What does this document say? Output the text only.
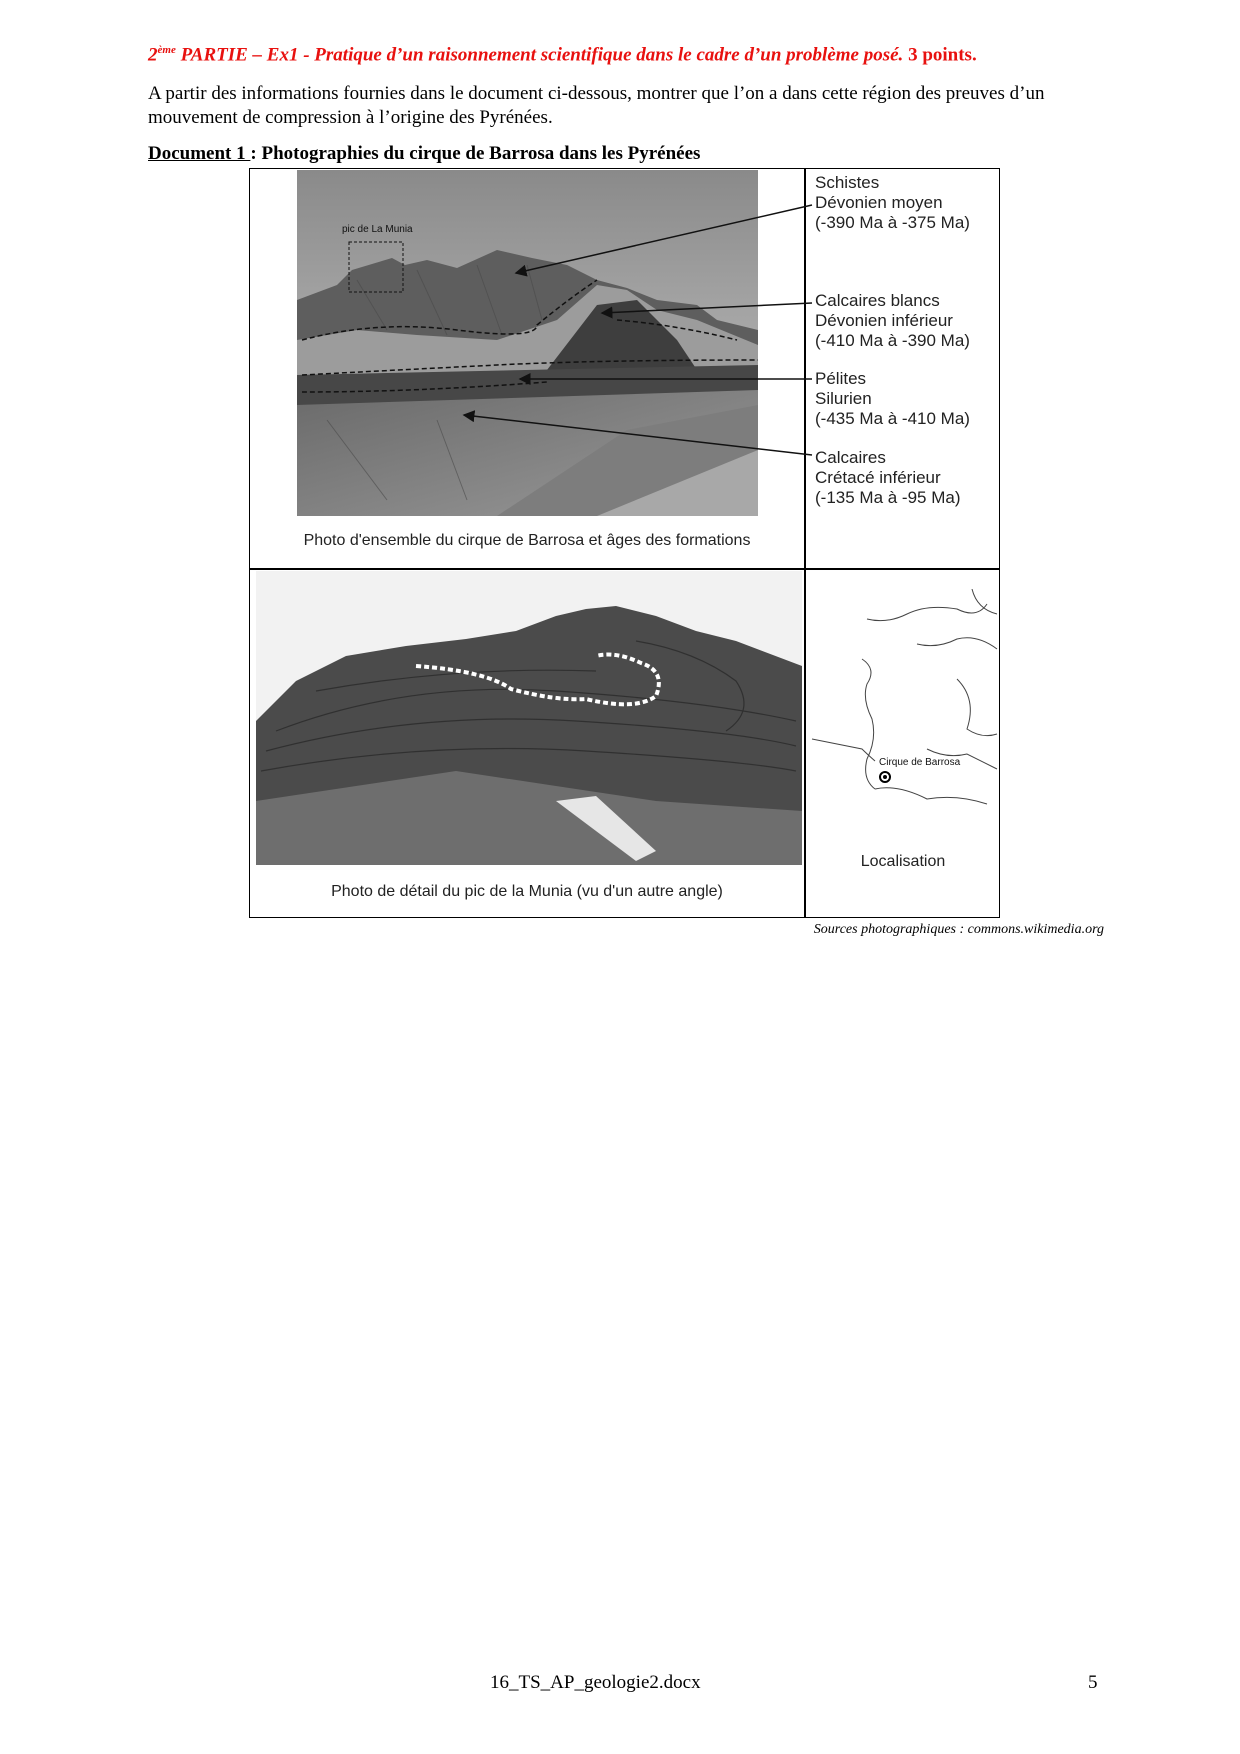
2ème PARTIE – Ex1 - Pratique d’un raisonnement scientifique dans le cadre d’un problème posé. 3 points.
A partir des informations fournies dans le document ci-dessous, montrer que l’on a dans cette région des preuves d’un mouvement de compression à l’origine des Pyrénées.
Document 1 : Photographies du cirque de Barrosa dans les Pyrénées
pic de La Munia
Schistes
Dévonien moyen
(-390 Ma à -375 Ma)
Calcaires blancs
Dévonien inférieur
(-410 Ma à -390 Ma)
Pélites
Silurien
(-435 Ma à -410 Ma)
Calcaires
Crétacé inférieur
(-135 Ma à -95 Ma)
Photo d'ensemble du cirque de Barrosa et âges des formations
Photo de détail du pic de la Munia (vu d'un autre angle)
Cirque de Barrosa
Localisation
Sources photographiques : commons.wikimedia.org
16_TS_AP_geologie2.docx	5
